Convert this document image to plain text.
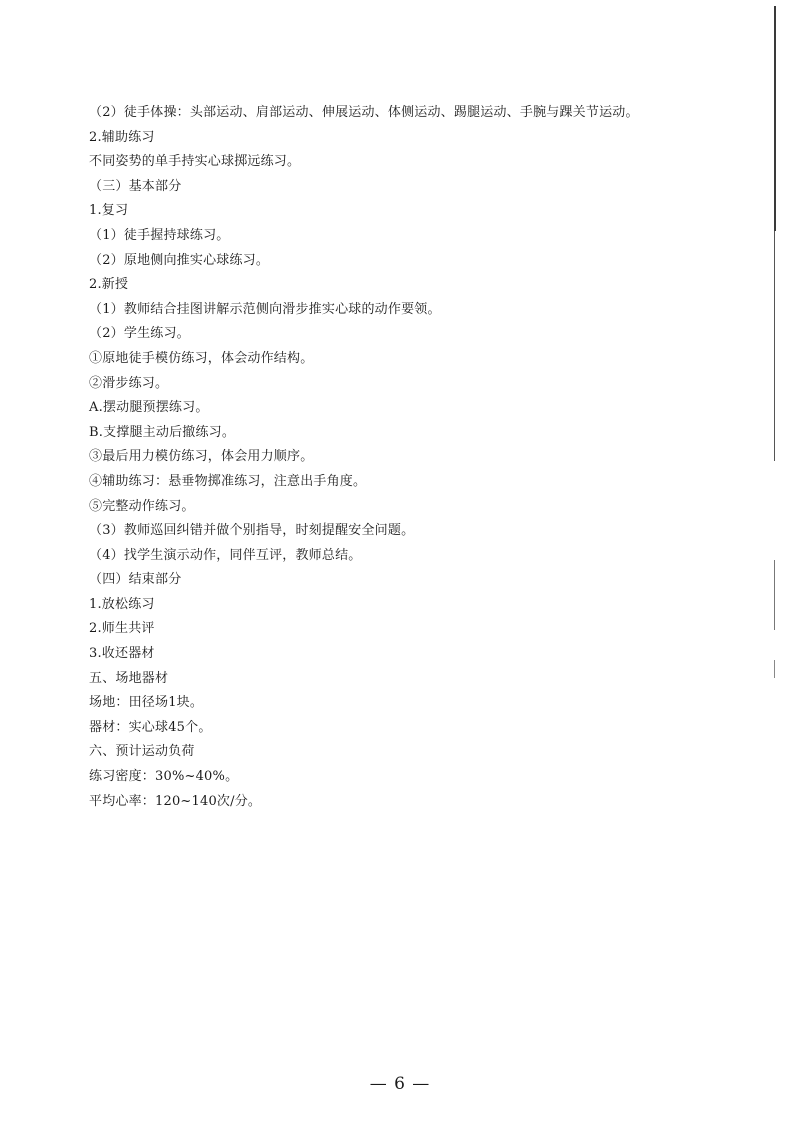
（2）徒手体操：头部运动、肩部运动、伸展运动、体侧运动、踢腿运动、手腕与踝关节运动。
2.辅助练习
不同姿势的单手持实心球掷远练习。
（三）基本部分
1.复习
（1）徒手握持球练习。
（2）原地侧向推实心球练习。
2.新授
（1）教师结合挂图讲解示范侧向滑步推实心球的动作要领。
（2）学生练习。
①原地徒手模仿练习，体会动作结构。
②滑步练习。
A.摆动腿预摆练习。
B.支撑腿主动后撤练习。
③最后用力模仿练习，体会用力顺序。
④辅助练习：悬垂物掷准练习，注意出手角度。
⑤完整动作练习。
（3）教师巡回纠错并做个别指导，时刻提醒安全问题。
（4）找学生演示动作，同伴互评，教师总结。
（四）结束部分
1.放松练习
2.师生共评
3.收还器材
五、场地器材
场地：田径场1块。
器材：实心球45个。
六、预计运动负荷
练习密度：30%~40%。
平均心率：120~140次/分。
— 6 —
